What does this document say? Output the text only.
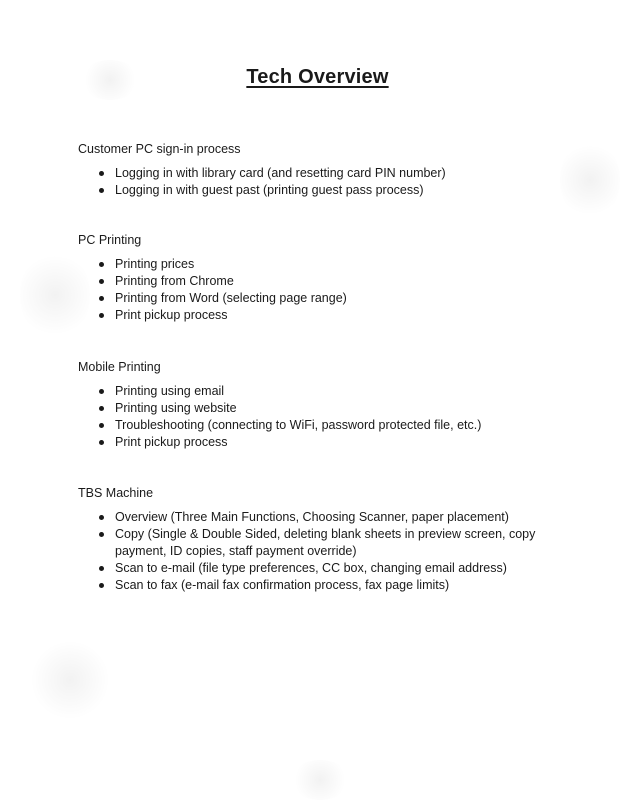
Tech Overview
Customer PC sign-in process
Logging in with library card (and resetting card PIN number)
Logging in with guest past (printing guest pass process)
PC Printing
Printing prices
Printing from Chrome
Printing from Word (selecting page range)
Print pickup process
Mobile Printing
Printing using email
Printing using website
Troubleshooting (connecting to WiFi, password protected file, etc.)
Print pickup process
TBS Machine
Overview (Three Main Functions, Choosing Scanner, paper placement)
Copy (Single & Double Sided, deleting blank sheets in preview screen, copy payment, ID copies, staff payment override)
Scan to e-mail (file type preferences, CC box, changing email address)
Scan to fax (e-mail fax confirmation process, fax page limits)
